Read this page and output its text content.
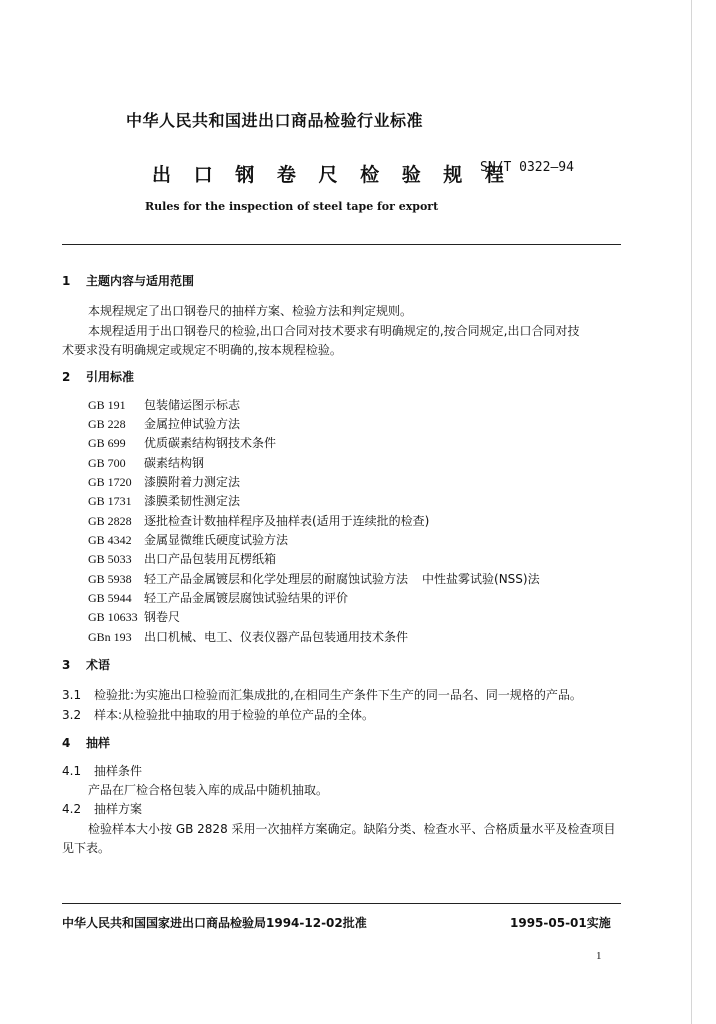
中华人民共和国进出口商品检验行业标准
出 口 钢 卷 尺 检 验 规 程
SN/T 0322—94
Rules for the inspection of steel tape for export
1 主题内容与适用范围
本规程规定了出口钢卷尺的抽样方案、检验方法和判定规则。
本规程适用于出口钢卷尺的检验,出口合同对技术要求有明确规定的,按合同规定,出口合同对技
术要求没有明确规定或规定不明确的,按本规程检验。
2 引用标准
GB 191 包装储运图示标志
GB 228 金属拉伸试验方法
GB 699 优质碳素结构钢技术条件
GB 700 碳素结构钢
GB 1720 漆膜附着力测定法
GB 1731 漆膜柔韧性测定法
GB 2828 逐批检查计数抽样程序及抽样表(适用于连续批的检查)
GB 4342 金属显微维氏硬度试验方法
GB 5033 出口产品包装用瓦楞纸箱
GB 5938 轻工产品金属镀层和化学处理层的耐腐蚀试验方法 中性盐雾试验(NSS)法
GB 5944 轻工产品金属镀层腐蚀试验结果的评价
GB 10633 钢卷尺
GBn 193 出口机械、电工、仪表仪器产品包装通用技术条件
3 术语
3.1 检验批:为实施出口检验而汇集成批的,在相同生产条件下生产的同一品名、同一规格的产品。
3.2 样本:从检验批中抽取的用于检验的单位产品的全体。
4 抽样
4.1 抽样条件
产品在厂检合格包装入库的成品中随机抽取。
4.2 抽样方案
检验样本大小按 GB 2828 采用一次抽样方案确定。缺陷分类、检查水平、合格质量水平及检查项目
见下表。
中华人民共和国国家进出口商品检验局1994-12-02批准	1995-05-01实施
1
